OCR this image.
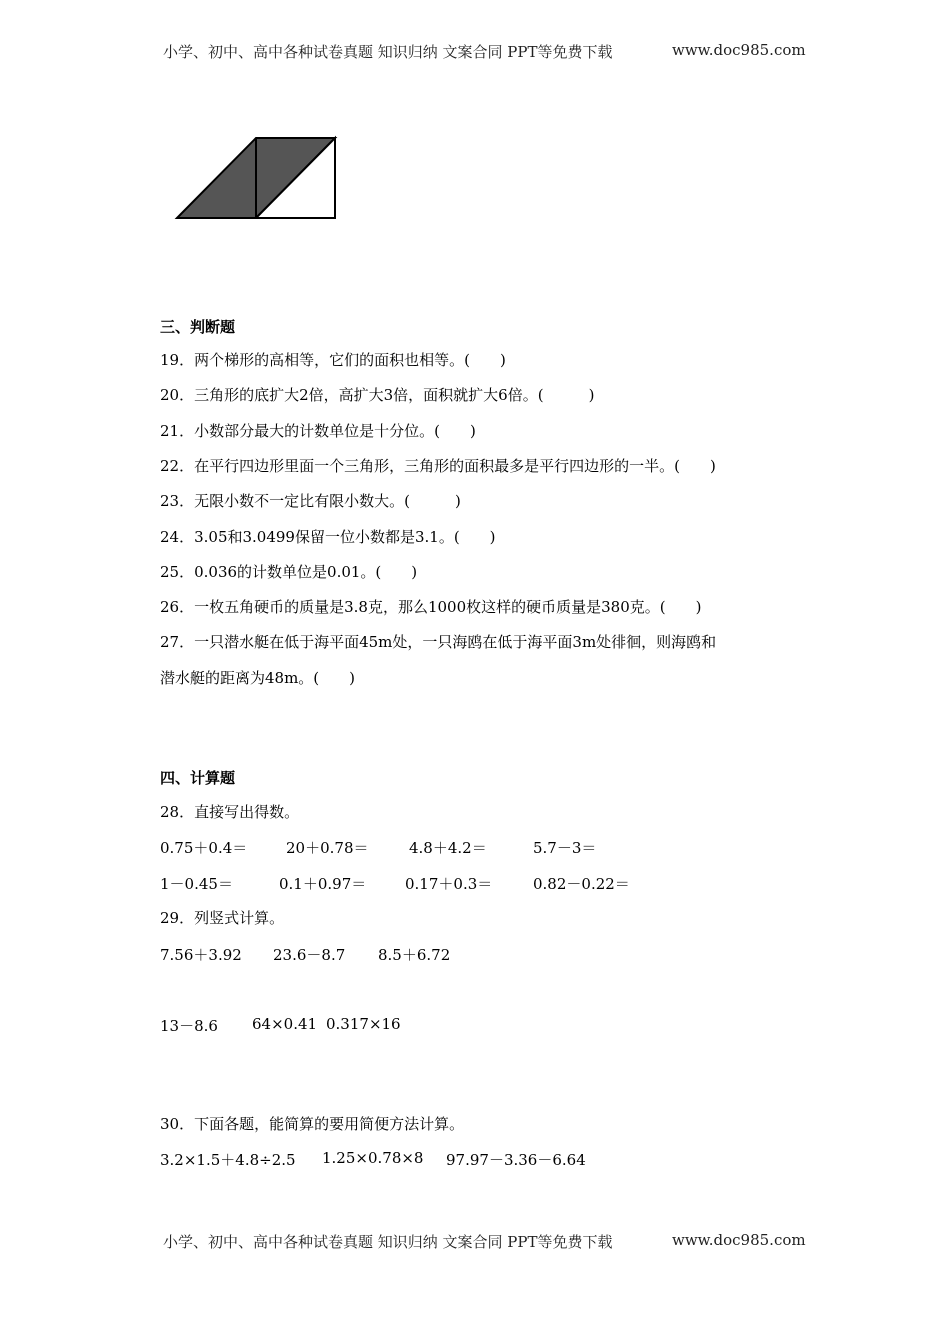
小学、初中、高中各种试卷真题 知识归纳 文案合同 PPT等免费下载	www.doc985.com
三、判断题
19．两个梯形的高相等，它们的面积也相等。(　　)
20．三角形的底扩大2倍，高扩大3倍，面积就扩大6倍。(　　　)
21．小数部分最大的计数单位是十分位。(　　)
22．在平行四边形里面一个三角形，三角形的面积最多是平行四边形的一半。(　　)
23．无限小数不一定比有限小数大。(　　　)
24．3.05和3.0499保留一位小数都是3.1。(　　)
25．0.036的计数单位是0.01。(　　)
26．一枚五角硬币的质量是3.8克，那么1000枚这样的硬币质量是380克。(　　)
27．一只潜水艇在低于海平面45m处，一只海鸥在低于海平面3m处徘徊，则海鸥和
潜水艇的距离为48m。(　　)
四、计算题
28．直接写出得数。
0.75＋0.4＝	20＋0.78＝	4.8＋4.2＝	5.7－3＝
1－0.45＝	0.1＋0.97＝	0.17＋0.3＝	0.82－0.22＝
29．列竖式计算。
7.56＋3.92 23.6－8.7 8.5＋6.72
13－8.6 64×0.41 0.317×16
30．下面各题，能简算的要用简便方法计算。
3.2×1.5＋4.8÷2.5 1.25×0.78×8 97.97－3.36－6.64
小学、初中、高中各种试卷真题 知识归纳 文案合同 PPT等免费下载	www.doc985.com
